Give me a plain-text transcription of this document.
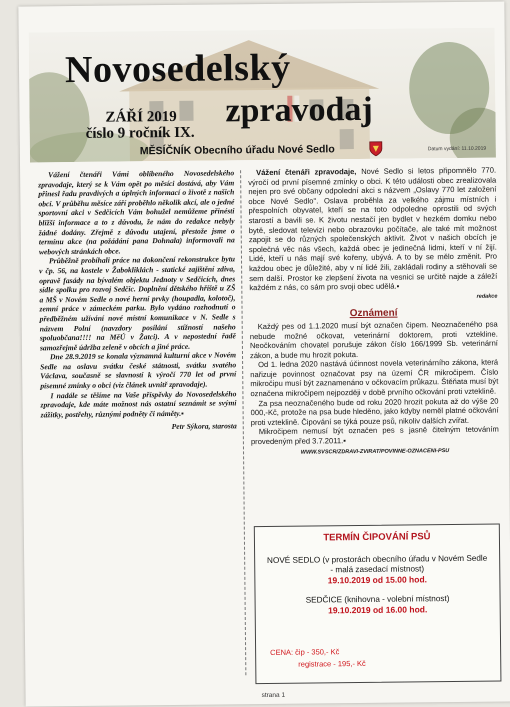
Novosedelský
zpravodaj
ZÁŘÍ 2019
číslo 9 ročník IX.
MĚSÍČNÍK Obecního úřadu Nové Sedlo	Datum vydání: 11.10.2019

Vážení čtenáři Vámi oblíbeného Novosedelského zpravodaje, který se k Vám opět po měsíci dostává, aby Vám přinesl řadu pravdivých a úplných informací o životě z našich obcí. V průběhu měsíce září proběhlo několik akcí, ale o jedné sportovní akci v Sedčicích Vám bohužel nemůžeme přinésti bližší informace a to z důvodu, že nám do redakce nebyly žádné dodány. Zřejmě z důvodu utajení, přestože jsme o termínu akce (na požádání pana Dohnala) informovali na webových stránkách obce.

Průběžně probíhali práce na dokončení rekonstrukce bytu v čp. 56, na kostele v Žabokliklách - statické zajištění zdiva, opravě fasády na bývalém objektu Jednoty v Sedčicích, dnes sídle spolku pro rozvoj Sedčic. Doplnění dětského hřiště u ZŠ a MŠ v Novém Sedle o nové herní prvky (houpadla, kolotoč), zemní práce v zámeckém parku. Bylo vydáno rozhodnutí o předběžném užívání nové místní komunikace v N. Sedle s názvem Polní (navzdory posílání stížností našeho spoluobčana!!!! na MěÚ v Žatci). A v nepostední řadě samozřejmě údržba zeleně v obcích a jiné práce.

Dne 28.9.2019 se konala významná kulturní akce v Novém Sedle na oslavu svátku české státnosti, svátku svatého Václava, současně se slavností k výročí 770 let od první písemné zmínky o obci (viz článek uvnitř zpravodaje).

I nadále se těšíme na Vaše příspěvky do Novosedelského zpravodaje, kde máte možnost nás ostatní seznámit se svými zážitky, postřehy, různými podněty či náměty.▪

Petr Sýkora, starosta

Vážení čtenáři zpravodaje, Nové Sedlo si letos připomnělo 770. výročí od první písemné zmínky o obci. K této události obec zrealizovala nejen pro své občany odpolední akci s názvem „Oslavy 770 let založení obce Nové Sedlo". Oslava proběhla za velkého zájmu místních i přespolních obyvatel, kteří se na toto odpoledne oprostili od svých starostí a bavili se. K životu nestačí jen bydlet v hezkém domku nebo bytě, sledovat televizi nebo obrazovku počítače, ale také mít možnost zapojit se do různých společenských aktivit. Život v našich obcích je společná věc nás všech, každá obec je jedinečná lidmi, kteří v ní žijí. Lidé, kteří u nás mají své kořeny, ubývá. A to by se mělo změnit. Pro každou obec je důležité, aby v ní lidé žili, zakládali rodiny a stěhovali se sem další. Prostor ke zlepšení života na vesnici se určitě najde a záleží každém z nás, co sám pro svoji obec udělá.▪

redakce

Oznámení

Každý pes od 1.1.2020 musí být označen čipem. Neoznačeného psa nebude možné očkovat, veterinární doktorem, proti vztekline. Neočkováním chovatel porušuje zákon číslo 166/1999 Sb. veterinární zákon, a bude mu hrozit pokuta.

Od 1. ledna 2020 nastává účinnost novela veterinárního zákona, která nařizuje povinnost označovat psy na území ČR mikročipem. Číslo mikročipu musí být zaznamenáno v očkovacím průkazu. Štěňata musí být označena mikročipem nejpozději v době prvního očkování proti vzteklině.

Za psa neoznačeného bude od roku 2020 hrozit pokuta až do výše 20 000,-Kč, protože na psa bude hleděno, jako kdyby neměl platné očkování proti vzteklině. Čipování se týká pouze psů, nikoliv dalších zvířat.

Mikročipem nemusí být označen pes s jasně čitelným tetováním provedeným před 3.7.2011.▪

WWW.SVSCR/ZDRAVI-ZVIRAT/POVINNE-OZNACENI-PSU

TERMÍN ČIPOVÁNÍ PSŮ
NOVÉ SEDLO (v prostorách obecního úřadu v Novém Sedle
- malá zasedací místnost)
19.10.2019 od 15.00 hod.
SEDČICE (knihovna - volební místnost)
19.10.2019 od 16.00 hod.
CENA: čip - 350,- Kč
registrace - 195,- Kč
strana 1
